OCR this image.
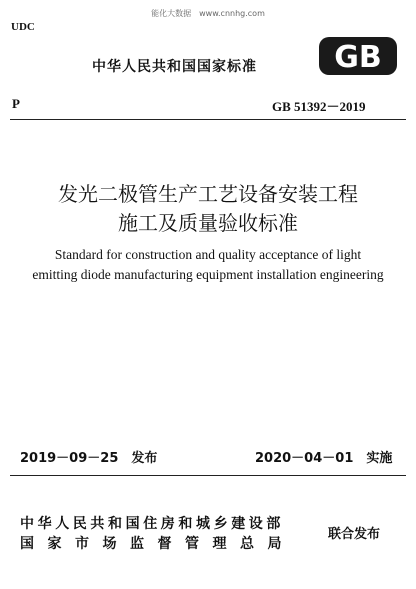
能化大数据　www.cnnhg.com
UDC
中华人民共和国国家标准	GB
P	GB 51392－2019
发光二极管生产工艺设备安装工程
施工及质量验收标准
Standard for construction and quality acceptance of light
emitting diode manufacturing equipment installation engineering
2019－09－25　发布	2020－04－01　实施
中华人民共和国住房和城乡建设部
国家市场监督管理总局
联合发布
